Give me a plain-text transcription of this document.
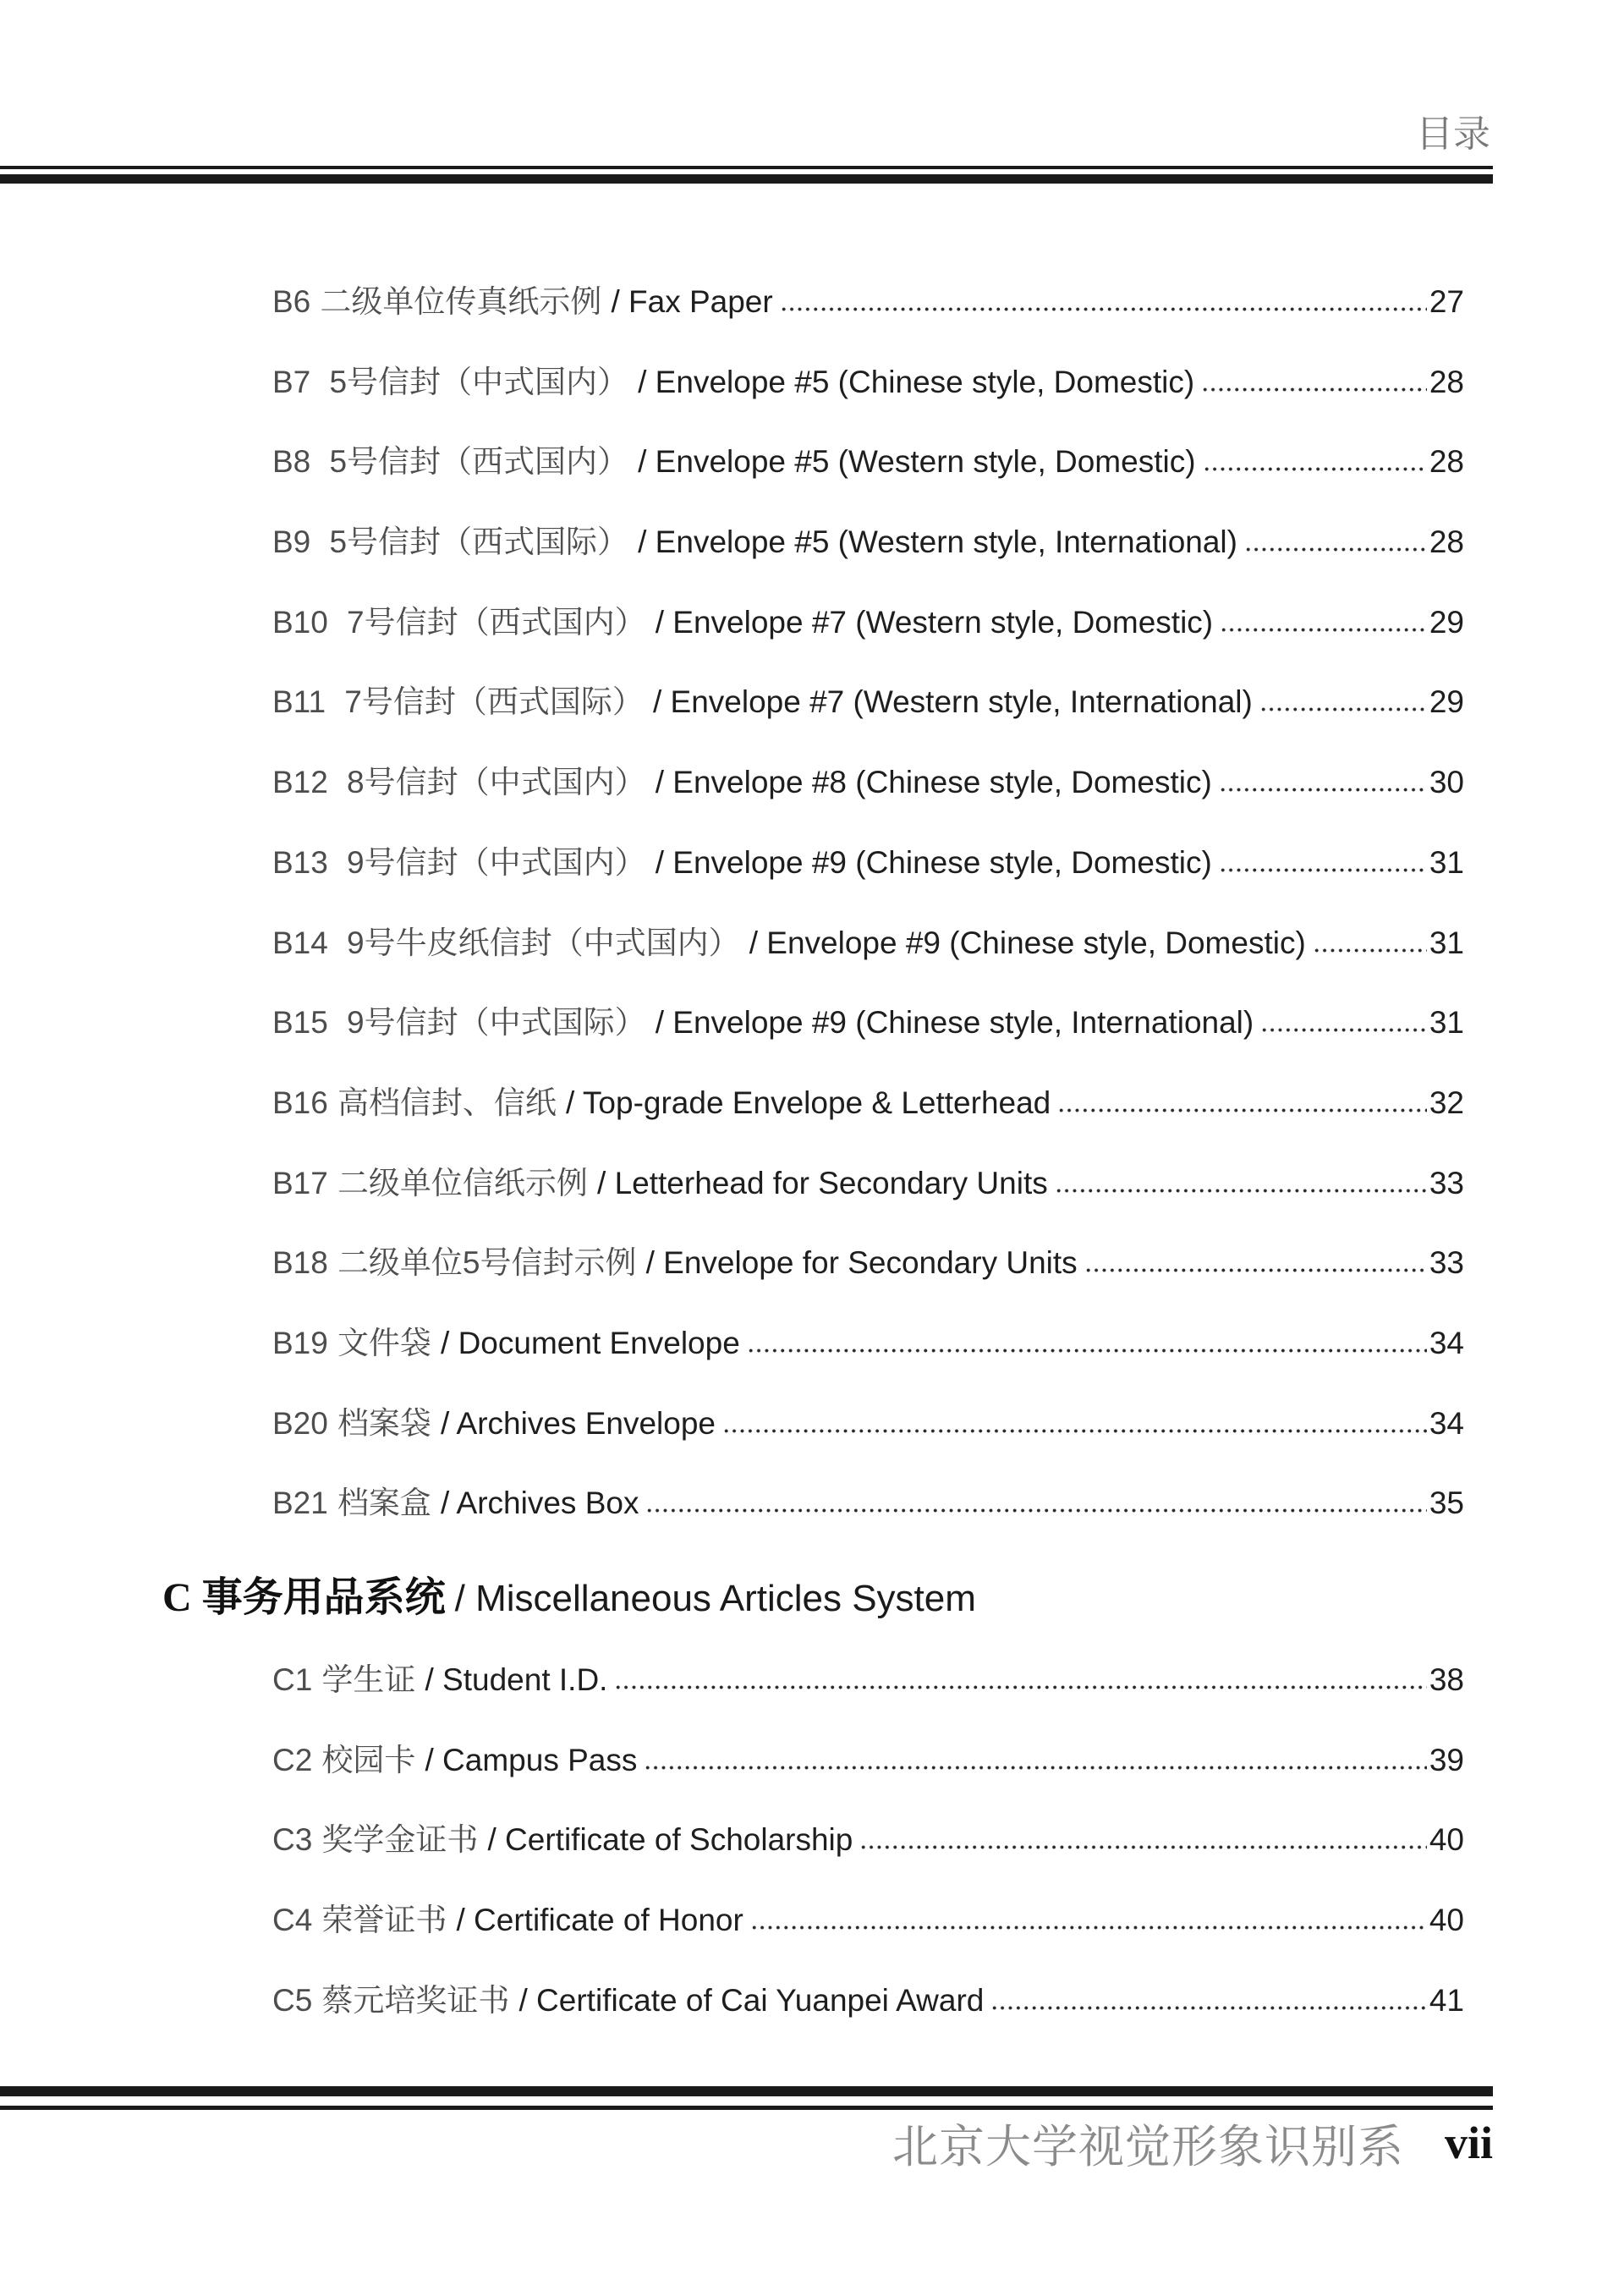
目录
B6 二级单位传真纸示例 / Fax Paper	27
B7 5号信封（中式国内） / Envelope #5 (Chinese style, Domestic)	28
B8 5号信封（西式国内） / Envelope #5 (Western style, Domestic)	28
B9 5号信封（西式国际） / Envelope #5 (Western style, International)	28
B10 7号信封（西式国内） / Envelope #7 (Western style, Domestic)	29
B11 7号信封（西式国际） / Envelope #7 (Western style, International)	29
B12 8号信封（中式国内） / Envelope #8 (Chinese style, Domestic)	30
B13 9号信封（中式国内） / Envelope #9 (Chinese style, Domestic)	31
B14 9号牛皮纸信封（中式国内） / Envelope #9 (Chinese style, Domestic)	31
B15 9号信封（中式国际） / Envelope #9 (Chinese style, International)	31
B16 高档信封、信纸 / Top-grade Envelope & Letterhead	32
B17 二级单位信纸示例 / Letterhead for Secondary Units	33
B18 二级单位5号信封示例 / Envelope for Secondary Units	33
B19 文件袋 / Document Envelope	34
B20 档案袋 / Archives Envelope	34
B21 档案盒 / Archives Box	35
C 事务用品系统 / Miscellaneous Articles System
C1 学生证 / Student I.D.	38
C2 校园卡 / Campus Pass	39
C3 奖学金证书 / Certificate of Scholarship	40
C4 荣誉证书 / Certificate of Honor	40
C5 蔡元培奖证书 / Certificate of Cai Yuanpei Award	41
北京大学视觉形象识别系 vii
